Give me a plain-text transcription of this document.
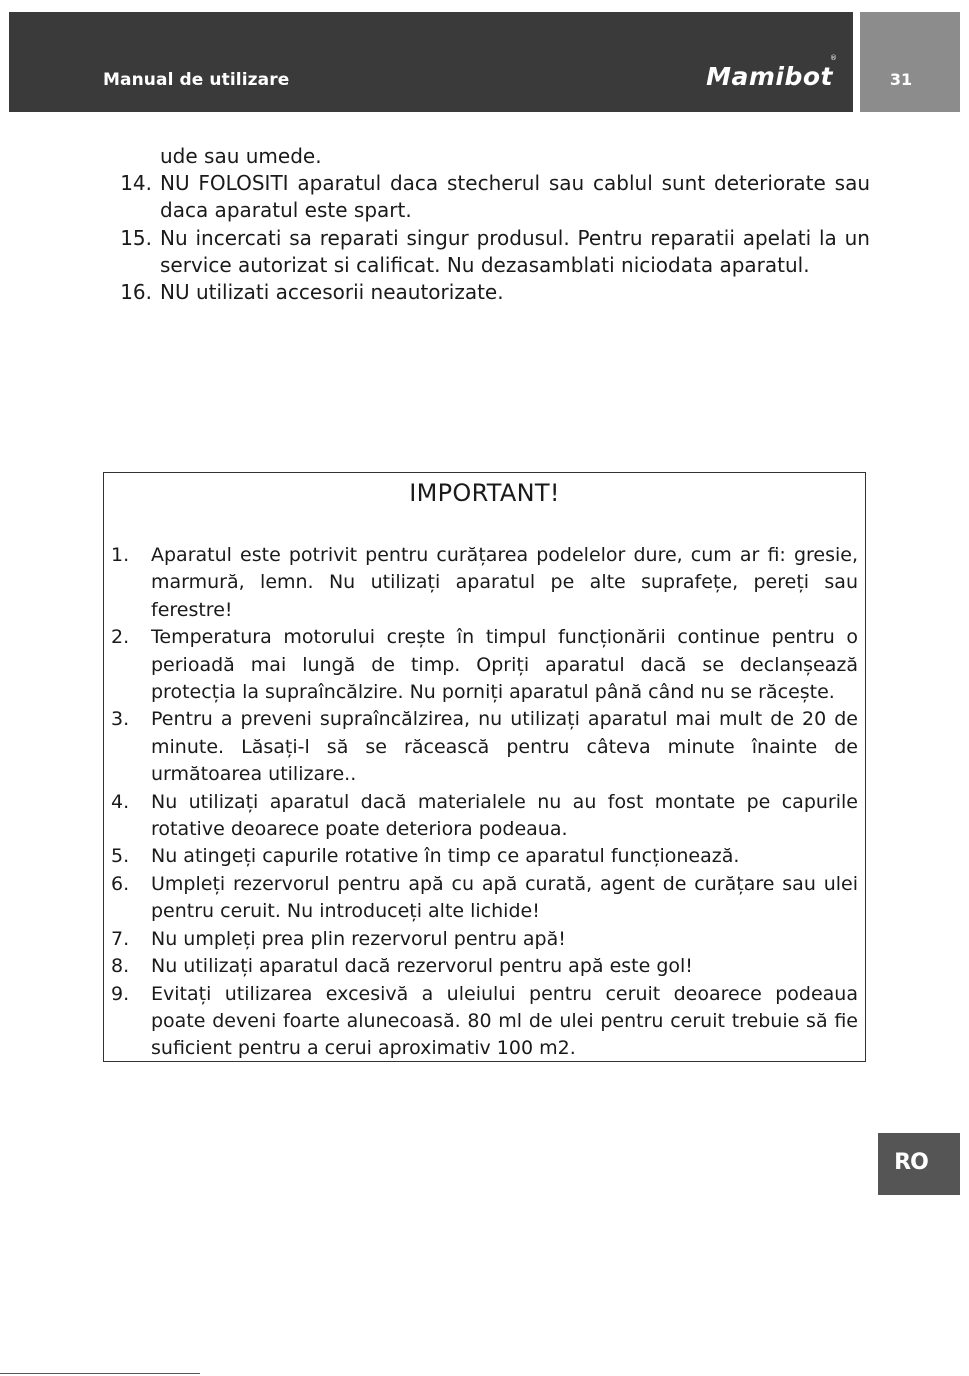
Manual de utilizare	Mamibot
®
31
ude sau umede.
14. NU FOLOSITI aparatul daca stecherul sau cablul sunt deteriorate sau daca aparatul este spart.
15. Nu incercati sa reparati singur produsul. Pentru reparatii apelati la un service autorizat si calificat. Nu dezasamblati niciodata aparatul.
16. NU utilizati accesorii neautorizate.
IMPORTANT!
1.	Aparatul este potrivit pentru curățarea podelelor dure, cum ar fi: gresie, marmură, lemn. Nu utilizați aparatul pe alte suprafețe, pereți sau ferestre!
2.	Temperatura motorului crește în timpul funcționării continue pentru o perioadă mai lungă de timp. Opriți aparatul dacă se declanșează protecția la supraîncălzire. Nu porniți aparatul până când nu se răcește.
3.	Pentru a preveni supraîncălzirea, nu utilizați aparatul mai mult de 20 de minute. Lăsați-l să se răcească pentru câteva minute înainte de următoarea utilizare..
4.	Nu utilizați aparatul dacă materialele nu au fost montate pe capurile rotative deoarece poate deteriora podeaua.
5.	Nu atingeți capurile rotative în timp ce aparatul funcționează.
6.	Umpleți rezervorul pentru apă cu apă curată, agent de curățare sau ulei pentru ceruit. Nu introduceți alte lichide!
7.	Nu umpleți prea plin rezervorul pentru apă!
8.	Nu utilizați aparatul dacă rezervorul pentru apă este gol!
9.	Evitați utilizarea excesivă a uleiului pentru ceruit deoarece podeaua poate deveni foarte alunecoasă. 80 ml de ulei pentru ceruit trebuie să fie suficient pentru a cerui aproximativ 100 m2.
RO
